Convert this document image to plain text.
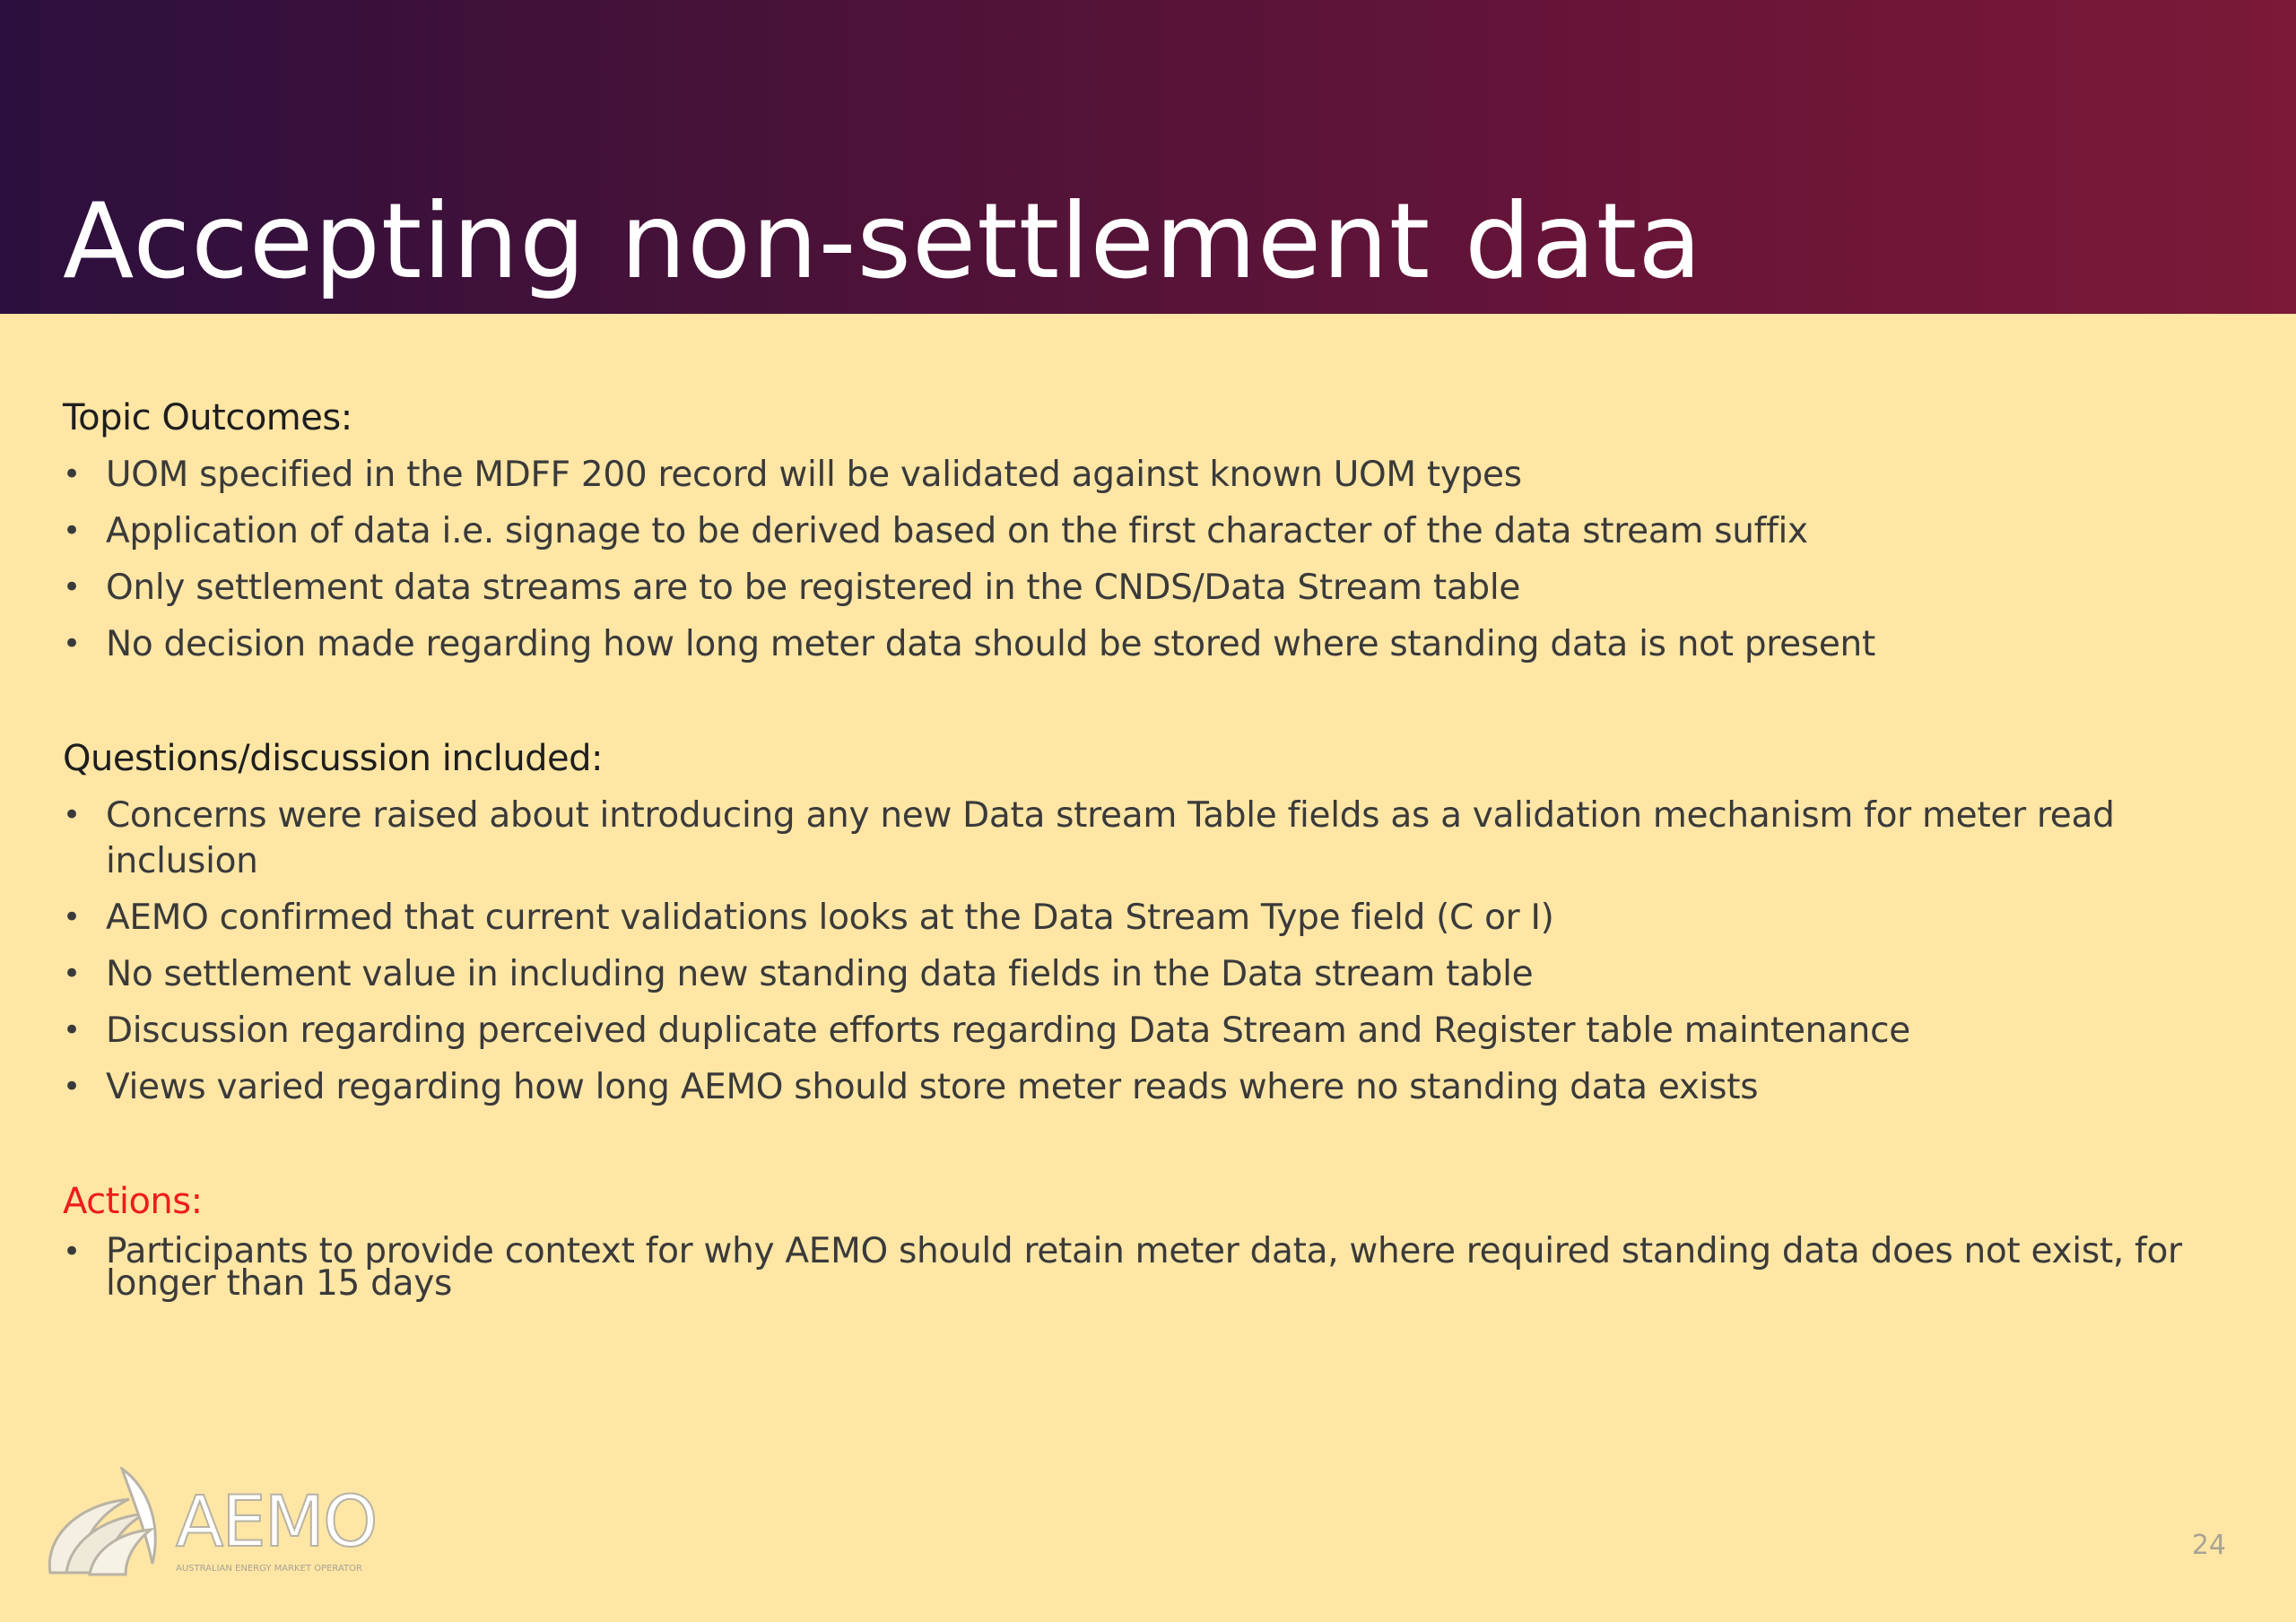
Accepting non-settlement data
Topic Outcomes:
• UOM specified in the MDFF 200 record will be validated against known UOM types
• Application of data i.e. signage to be derived based on the first character of the data stream suffix
• Only settlement data streams are to be registered in the CNDS/Data Stream table
• No decision made regarding how long meter data should be stored where standing data is not present
Questions/discussion included:
• Concerns were raised about introducing any new Data stream Table fields as a validation mechanism for meter read inclusion
• AEMO confirmed that current validations looks at the Data Stream Type field (C or I)
• No settlement value in including new standing data fields in the Data stream table
• Discussion regarding perceived duplicate efforts regarding Data Stream and Register table maintenance
• Views varied regarding how long AEMO should store meter reads where no standing data exists
Actions:
• Participants to provide context for why AEMO should retain meter data, where required standing data does not exist, for longer than 15 days
AEMO
AUSTRALIAN ENERGY MARKET OPERATOR
24
